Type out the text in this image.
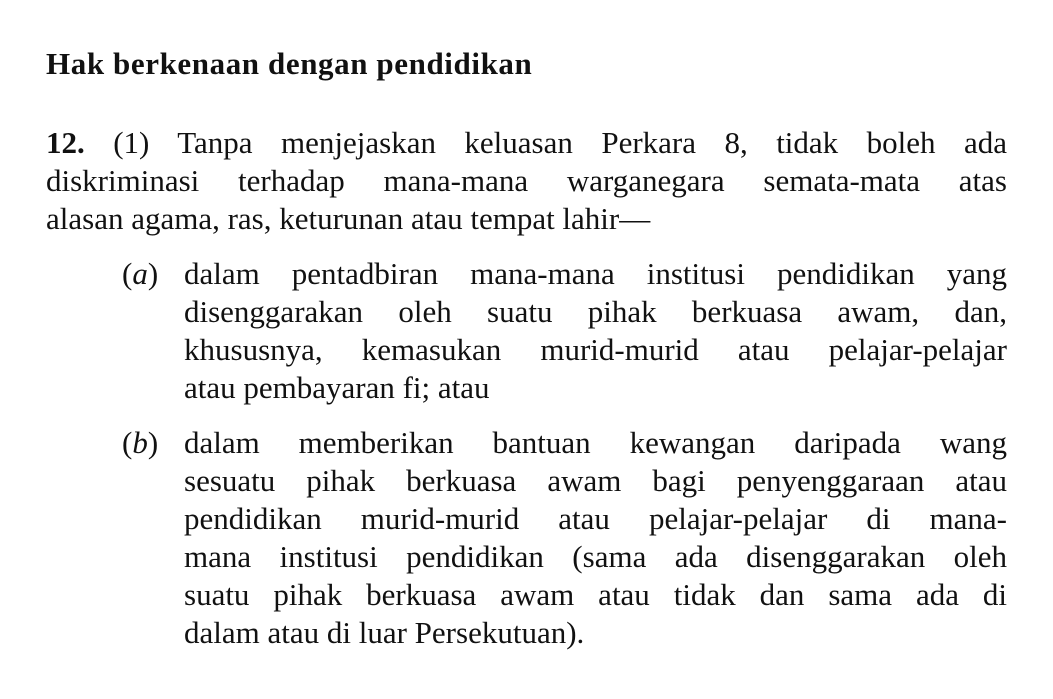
Hak berkenaan dengan pendidikan
12. (1) Tanpa menjejaskan keluasan Perkara 8, tidak boleh ada
diskriminasi terhadap mana-mana warganegara semata-mata atas
alasan agama, ras, keturunan atau tempat lahir—
(a) dalam pentadbiran mana-mana institusi pendidikan yang
disenggarakan oleh suatu pihak berkuasa awam, dan,
khususnya, kemasukan murid-murid atau pelajar-pelajar
atau pembayaran fi; atau
(b) dalam memberikan bantuan kewangan daripada wang
sesuatu pihak berkuasa awam bagi penyenggaraan atau
pendidikan murid-murid atau pelajar-pelajar di mana-
mana institusi pendidikan (sama ada disenggarakan oleh
suatu pihak berkuasa awam atau tidak dan sama ada di
dalam atau di luar Persekutuan).
